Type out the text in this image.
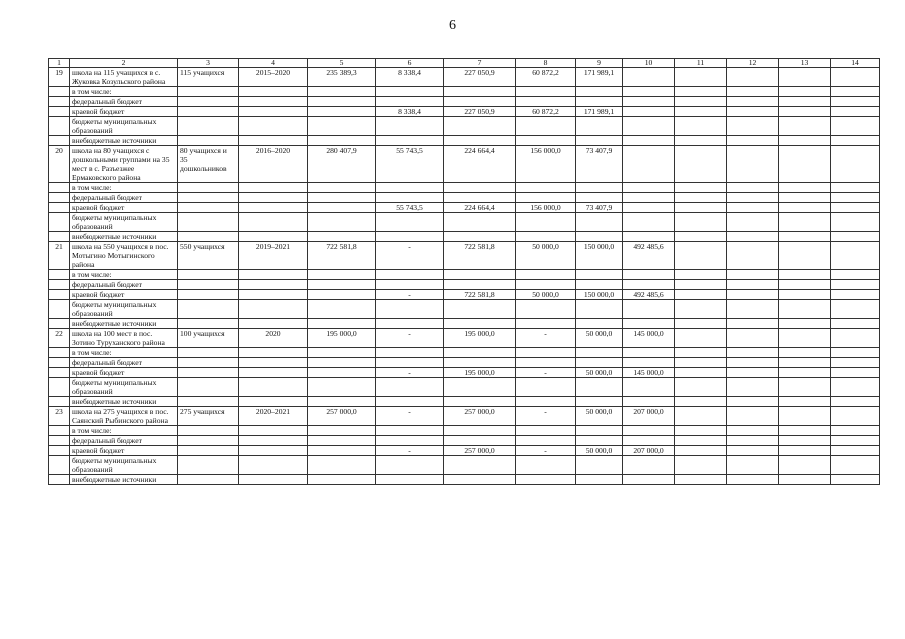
6
1	2	3	4	5	6	7	8	9	10	11	12	13	14
19	школа на 115 учащихся в с. Жуковка Козульского района	115 учащихся	2015–2020	235 389,3	8 338,4	227 050,9	60 872,2	171 989,1					
	в том числе:												
	федеральный бюджет												
	краевой бюджет				8 338,4	227 050,9	60 872,2	171 989,1					
	бюджеты муниципальных образований												
	внебюджетные источники												
20	школа на 80 учащихся с дошкольными группами на 35 мест в с. Разъезжее Ермаковского района	80 учащихся и 35 дошкольников	2016–2020	280 407,9	55 743,5	224 664,4	156 000,0	73 407,9					
	в том числе:												
	федеральный бюджет												
	краевой бюджет				55 743,5	224 664,4	156 000,0	73 407,9					
	бюджеты муниципальных образований												
	внебюджетные источники												
21	школа на 550 учащихся в пос. Мотыгино Мотыгинского района	550 учащихся	2019–2021	722 581,8	-	722 581,8	50 000,0	150 000,0	492 485,6				
	в том числе:												
	федеральный бюджет												
	краевой бюджет				-	722 581,8	50 000,0	150 000,0	492 485,6				
	бюджеты муниципальных образований												
	внебюджетные источники												
22	школа на 100 мест в пос. Зотино Туруханского района	100 учащихся	2020	195 000,0	-	195 000,0	-	50 000,0	145 000,0				
	в том числе:												
	федеральный бюджет												
	краевой бюджет				-	195 000,0	-	50 000,0	145 000,0				
	бюджеты муниципальных образований												
	внебюджетные источники												
23	школа на 275 учащихся в пос. Саянский Рыбинского района	275 учащихся	2020–2021	257 000,0	-	257 000,0	-	50 000,0	207 000,0				
	в том числе:												
	федеральный бюджет												
	краевой бюджет				-	257 000,0	-	50 000,0	207 000,0				
	бюджеты муниципальных образований												
	внебюджетные источники												
